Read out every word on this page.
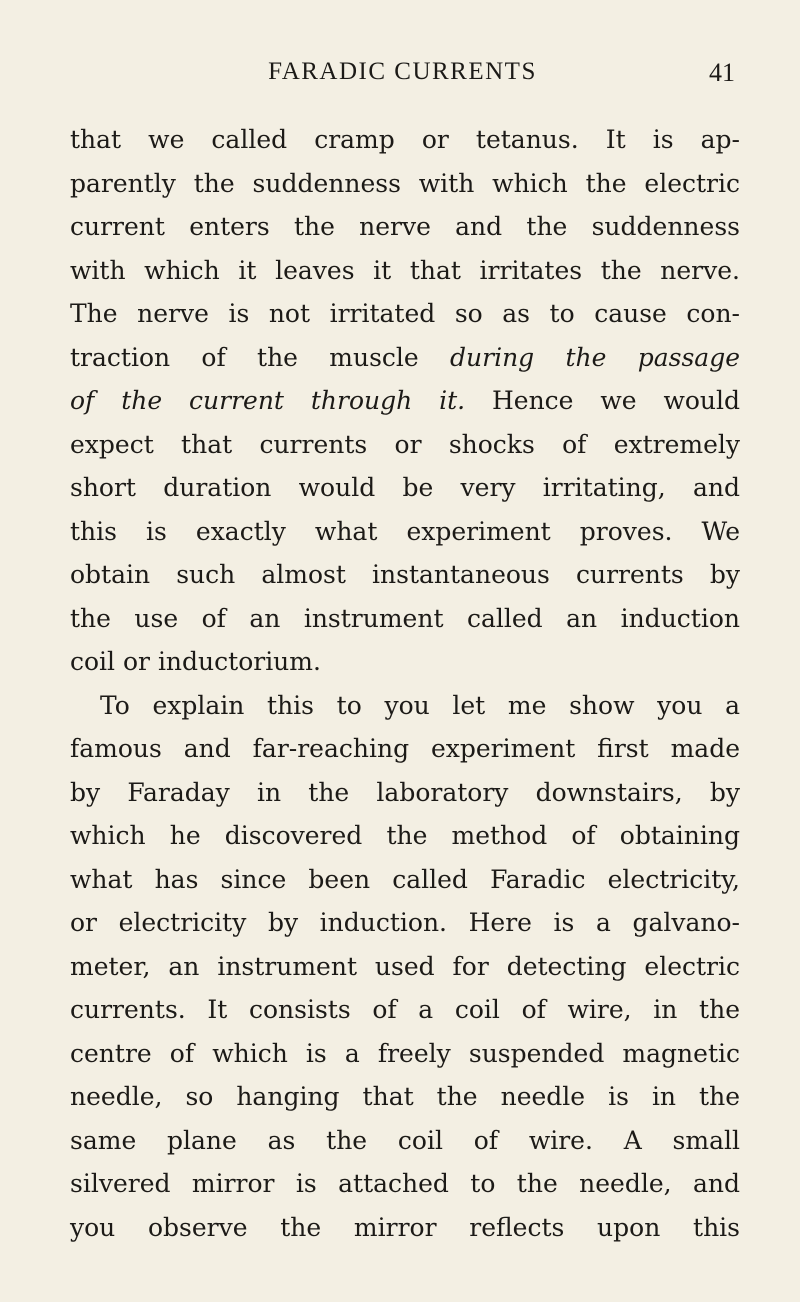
FARADIC CURRENTS	41
that we called cramp or tetanus. It is ap-
parently the suddenness with which the electric
current enters the nerve and the suddenness
with which it leaves it that irritates the nerve.
The nerve is not irritated so as to cause con-
traction of the muscle during the passage
of the current through it. Hence we would
expect that currents or shocks of extremely
short duration would be very irritating, and
this is exactly what experiment proves. We
obtain such almost instantaneous currents by
the use of an instrument called an induction
coil or inductorium.
To explain this to you let me show you a
famous and far-reaching experiment first made
by Faraday in the laboratory downstairs, by
which he discovered the method of obtaining
what has since been called Faradic electricity,
or electricity by induction. Here is a galvano-
meter, an instrument used for detecting electric
currents. It consists of a coil of wire, in the
centre of which is a freely suspended magnetic
needle, so hanging that the needle is in the
same plane as the coil of wire. A small
silvered mirror is attached to the needle, and
you observe the mirror reflects upon this
